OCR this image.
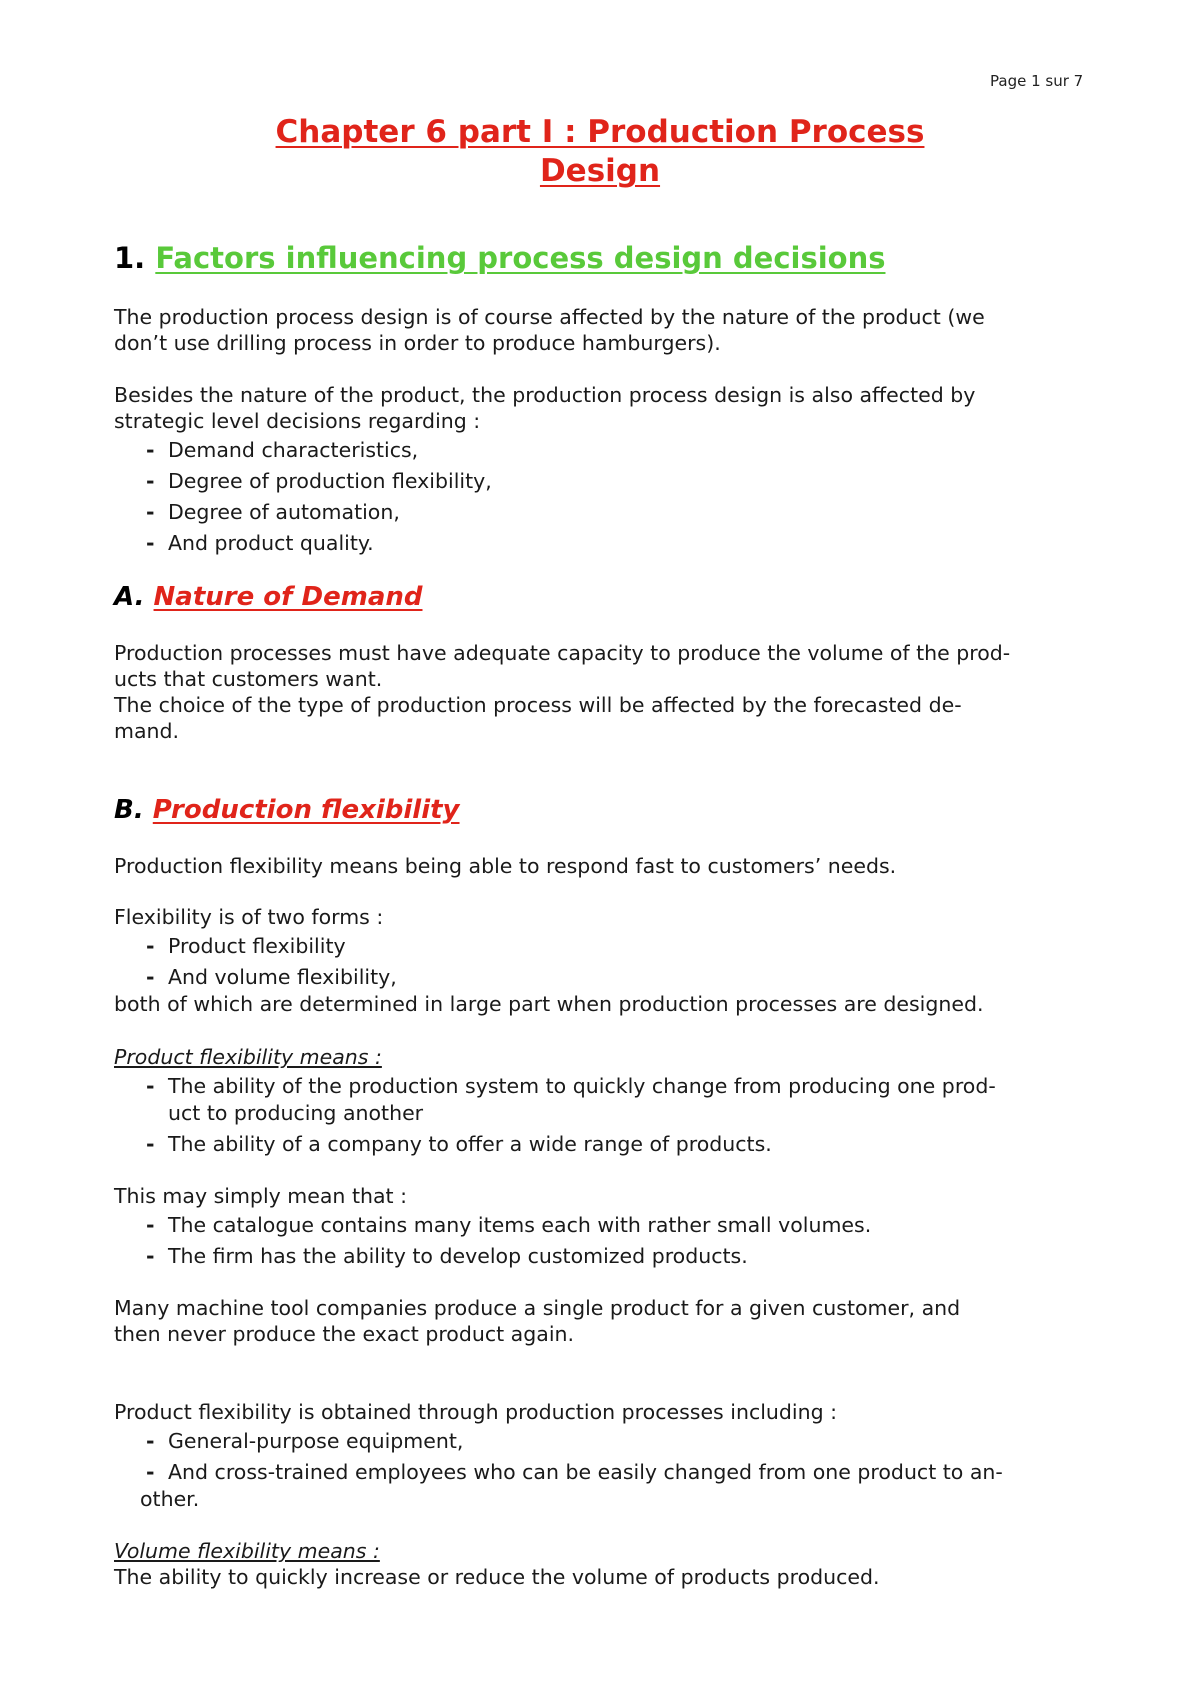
Page 1 sur 7
Chapter 6 part I : Production Process
Design
1. Factors influencing process design decisions
The production process design is of course affected by the nature of the product (we
don’t use drilling process in order to produce hamburgers).
Besides the nature of the product, the production process design is also affected by
strategic level decisions regarding :
- Demand characteristics,
- Degree of production flexibility,
- Degree of automation,
- And product quality.
A. Nature of Demand
Production processes must have adequate capacity to produce the volume of the prod-
ucts that customers want.
The choice of the type of production process will be affected by the forecasted de-
mand.
B. Production flexibility
Production flexibility means being able to respond fast to customers’ needs.
Flexibility is of two forms :
- Product flexibility
- And volume flexibility,
both of which are determined in large part when production processes are designed.
Product flexibility means :
- The ability of the production system to quickly change from producing one prod-
uct to producing another
- The ability of a company to offer a wide range of products.
This may simply mean that :
- The catalogue contains many items each with rather small volumes.
- The firm has the ability to develop customized products.
Many machine tool companies produce a single product for a given customer, and
then never produce the exact product again.
Product flexibility is obtained through production processes including :
- General-purpose equipment,
- And cross-trained employees who can be easily changed from one product to an-
other.
Volume flexibility means :
The ability to quickly increase or reduce the volume of products produced.
